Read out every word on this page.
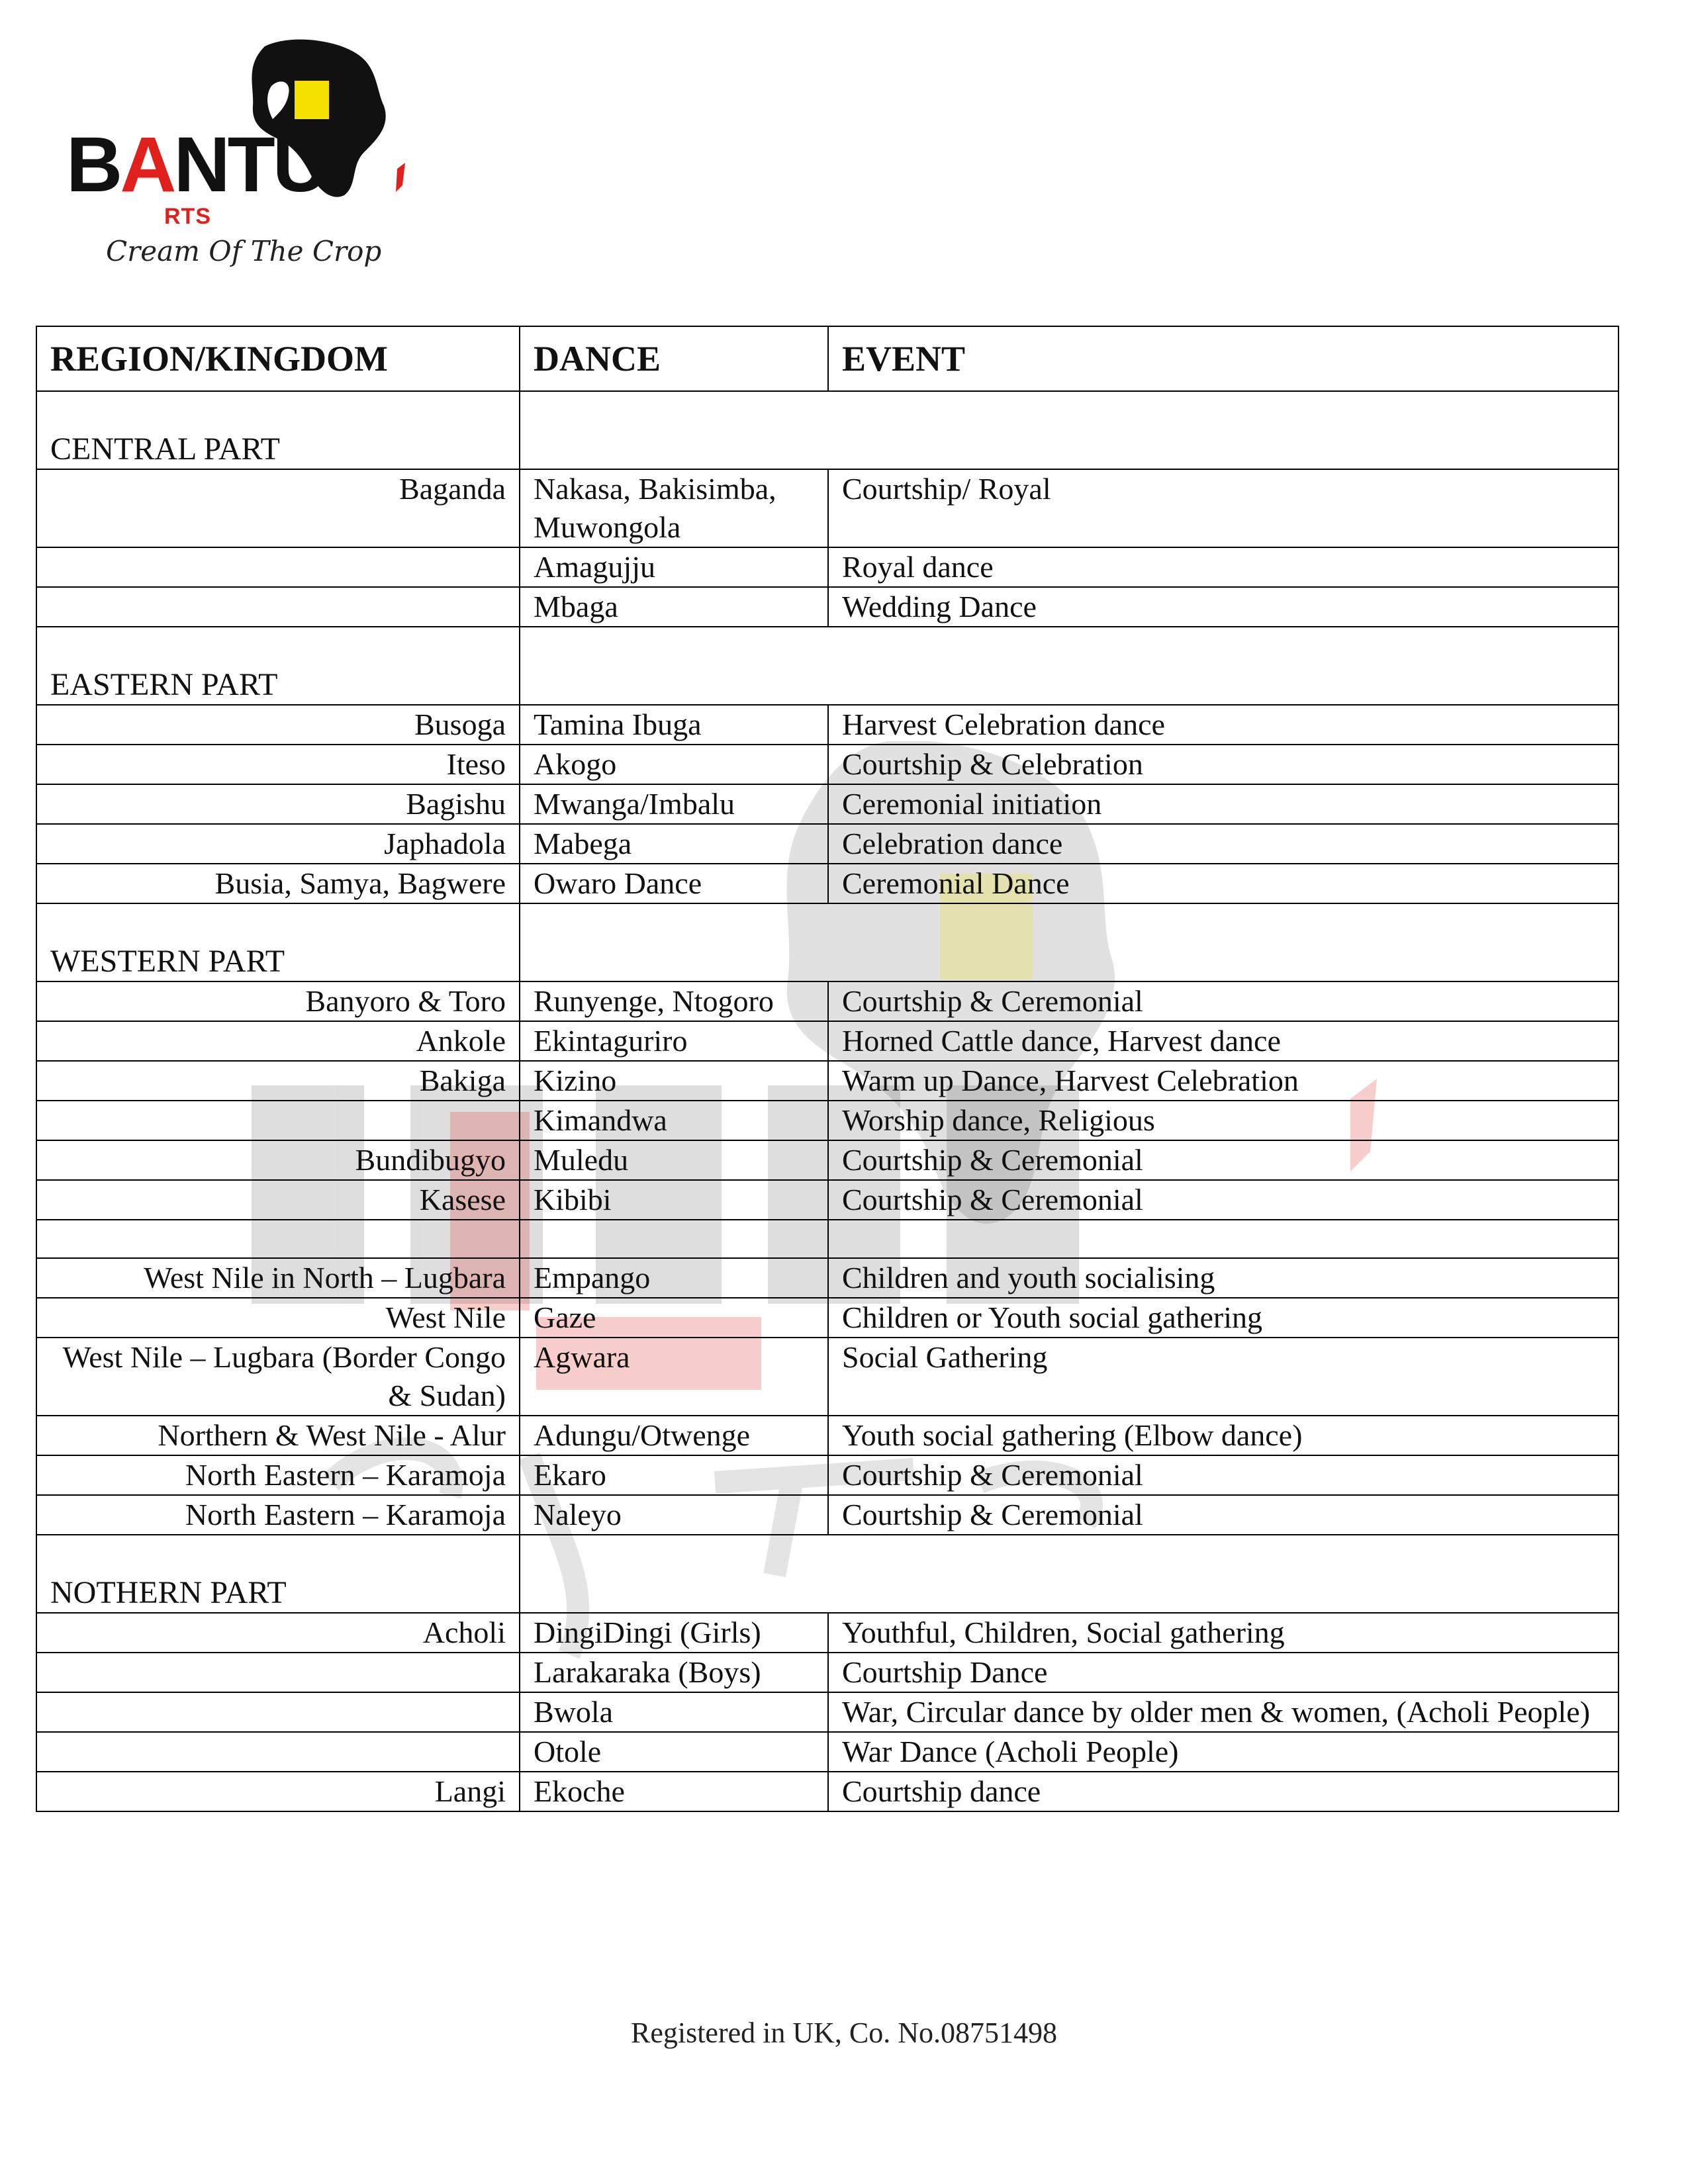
BANTU
RTS
Cream Of The Crop
REGION/KINGDOM	DANCE	EVENT
CENTRAL PART		
Baganda	Nakasa, Bakisimba, Muwongola	Courtship/ Royal
	Amagujju	Royal dance
	Mbaga	Wedding Dance
EASTERN PART		
Busoga	Tamina Ibuga	Harvest Celebration dance
Iteso	Akogo	Courtship & Celebration
Bagishu	Mwanga/Imbalu	Ceremonial initiation
Japhadola	Mabega	Celebration dance
Busia, Samya, Bagwere	Owaro Dance	Ceremonial Dance
WESTERN PART		
Banyoro & Toro	Runyenge, Ntogoro	Courtship & Ceremonial
Ankole	Ekintaguriro	Horned Cattle dance, Harvest dance
Bakiga	Kizino	Warm up Dance, Harvest Celebration
	Kimandwa	Worship dance, Religious
Bundibugyo	Muledu	Courtship & Ceremonial
Kasese	Kibibi	Courtship & Ceremonial

West Nile in North – Lugbara	Empango	Children and youth socialising
West Nile	Gaze	Children or Youth social gathering
West Nile – Lugbara (Border Congo & Sudan)	Agwara	Social Gathering
Northern & West Nile - Alur	Adungu/Otwenge	Youth social gathering (Elbow dance)
North Eastern – Karamoja	Ekaro	Courtship & Ceremonial
North Eastern – Karamoja	Naleyo	Courtship & Ceremonial
NOTHERN PART		
Acholi	DingiDingi (Girls)	Youthful, Children, Social gathering
	Larakaraka (Boys)	Courtship Dance
	Bwola	War, Circular dance by older men & women, (Acholi People)
	Otole	War Dance (Acholi People)
Langi	Ekoche	Courtship dance
Registered in UK, Co. No.08751498
